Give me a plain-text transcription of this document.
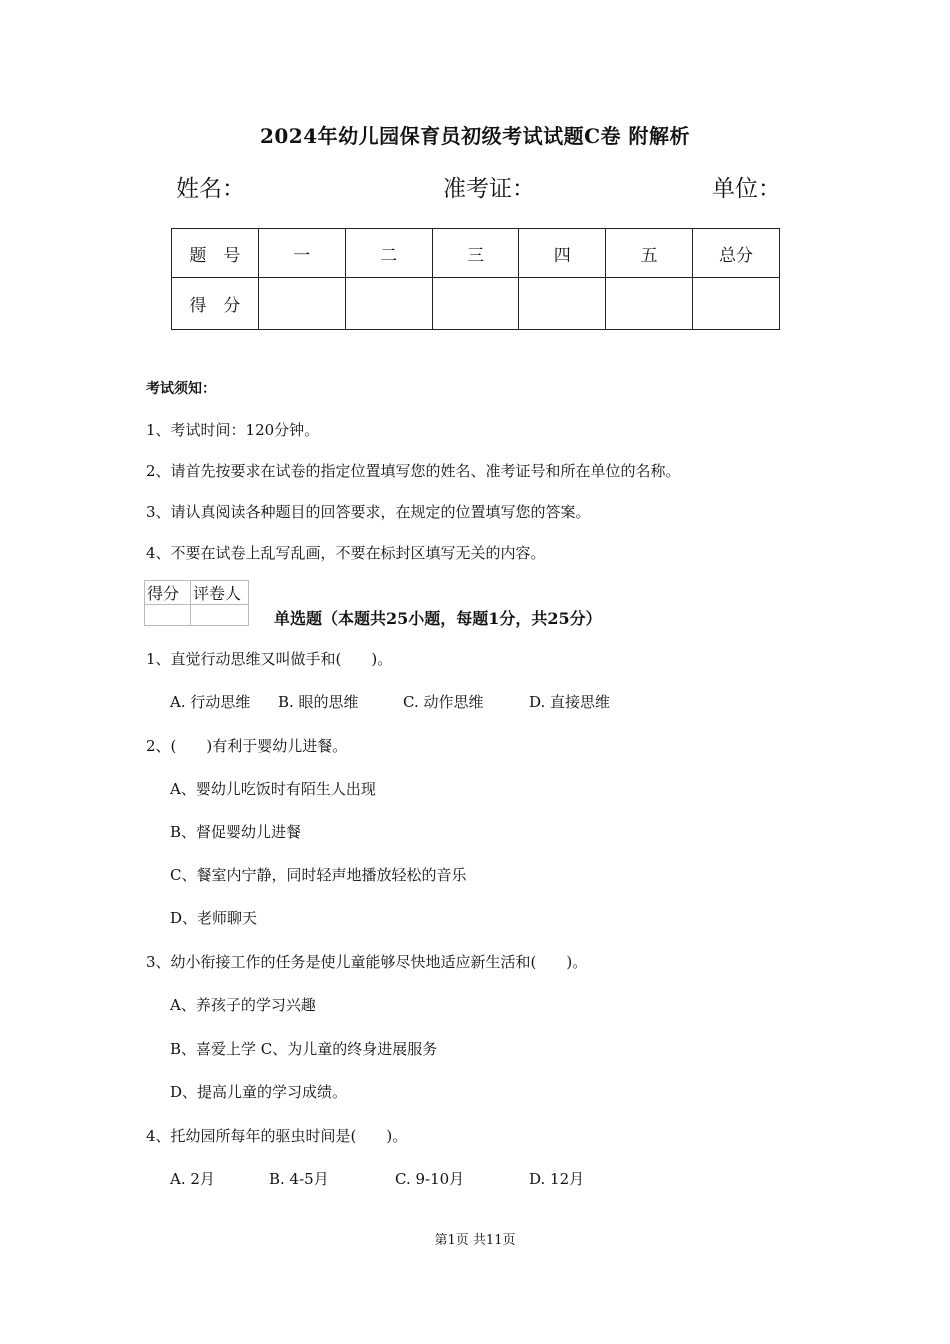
2024年幼儿园保育员初级考试试题C卷 附解析
姓名：	准考证：	单位：
题　号	一	二	三	四	五	总分
得　分						
考试须知：
1、考试时间：120分钟。
2、请首先按要求在试卷的指定位置填写您的姓名、准考证号和所在单位的名称。
3、请认真阅读各种题目的回答要求，在规定的位置填写您的答案。
4、不要在试卷上乱写乱画，不要在标封区填写无关的内容。
得分	评卷人

单选题（本题共25小题，每题1分，共25分）
1、直觉行动思维又叫做手和(　　)。
A. 行动思维 B. 眼的思维	C. 动作思维	D. 直接思维
2、(　　)有利于婴幼儿进餐。
A、婴幼儿吃饭时有陌生人出现
B、督促婴幼儿进餐
C、餐室内宁静，同时轻声地播放轻松的音乐
D、老师聊天
3、幼小衔接工作的任务是使儿童能够尽快地适应新生活和(　　)。
A、养孩子的学习兴趣
B、喜爱上学 C、为儿童的终身进展服务
D、提高儿童的学习成绩。
4、托幼园所每年的驱虫时间是(　　)。
A. 2月	B. 4-5月	C. 9-10月	D. 12月
第1页 共11页
